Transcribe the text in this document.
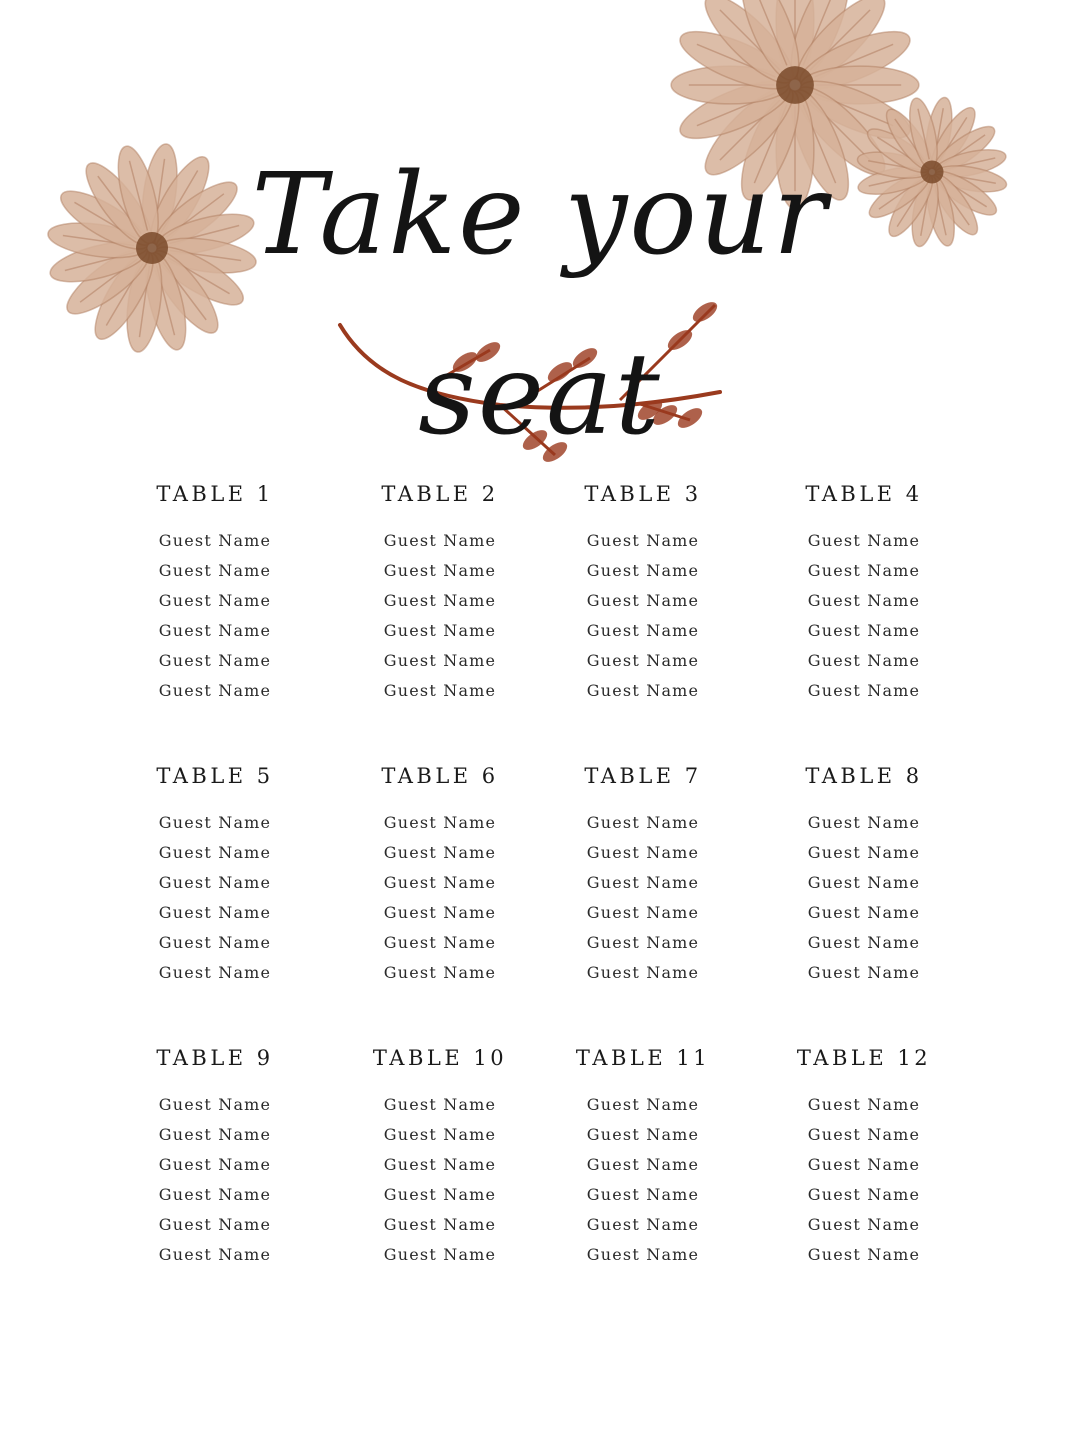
Take your seat
TABLE 1
Guest Name
Guest Name
Guest Name
Guest Name
Guest Name
Guest Name
TABLE 2
Guest Name
Guest Name
Guest Name
Guest Name
Guest Name
Guest Name
TABLE 3
Guest Name
Guest Name
Guest Name
Guest Name
Guest Name
Guest Name
TABLE 4
Guest Name
Guest Name
Guest Name
Guest Name
Guest Name
Guest Name
TABLE 5
Guest Name
Guest Name
Guest Name
Guest Name
Guest Name
Guest Name
TABLE 6
Guest Name
Guest Name
Guest Name
Guest Name
Guest Name
Guest Name
TABLE 7
Guest Name
Guest Name
Guest Name
Guest Name
Guest Name
Guest Name
TABLE 8
Guest Name
Guest Name
Guest Name
Guest Name
Guest Name
Guest Name
TABLE 9
Guest Name
Guest Name
Guest Name
Guest Name
Guest Name
Guest Name
TABLE 10
Guest Name
Guest Name
Guest Name
Guest Name
Guest Name
Guest Name
TABLE 11
Guest Name
Guest Name
Guest Name
Guest Name
Guest Name
Guest Name
TABLE 12
Guest Name
Guest Name
Guest Name
Guest Name
Guest Name
Guest Name
